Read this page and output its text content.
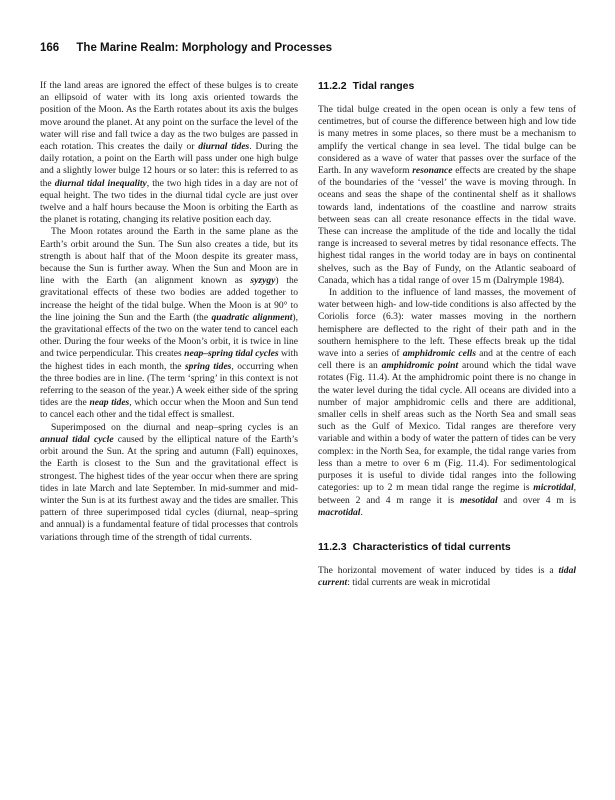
166 The Marine Realm: Morphology and Processes

If the land areas are ignored the effect of these bulges is to create an ellipsoid of water with its long axis oriented towards the position of the Moon. As the Earth rotates about its axis the bulges move around the planet. At any point on the surface the level of the water will rise and fall twice a day as the two bulges are passed in each rotation. This creates the daily or diurnal tides. During the daily rotation, a point on the Earth will pass under one high bulge and a slightly lower bulge 12 hours or so later: this is referred to as the diurnal tidal inequality, the two high tides in a day are not of equal height. The two tides in the diurnal tidal cycle are just over twelve and a half hours because the Moon is orbiting the Earth as the planet is rotating, changing its relative position each day.

The Moon rotates around the Earth in the same plane as the Earth’s orbit around the Sun. The Sun also creates a tide, but its strength is about half that of the Moon despite its greater mass, because the Sun is further away. When the Sun and Moon are in line with the Earth (an alignment known as syzygy) the gravitational effects of these two bodies are added together to increase the height of the tidal bulge. When the Moon is at 90° to the line joining the Sun and the Earth (the quadratic alignment), the gravitational effects of the two on the water tend to cancel each other. During the four weeks of the Moon’s orbit, it is twice in line and twice perpendicular. This creates neap–spring tidal cycles with the highest tides in each month, the spring tides, occurring when the three bodies are in line. (The term ‘spring’ in this context is not referring to the season of the year.) A week either side of the spring tides are the neap tides, which occur when the Moon and Sun tend to cancel each other and the tidal effect is smallest.

Superimposed on the diurnal and neap–spring cycles is an annual tidal cycle caused by the elliptical nature of the Earth’s orbit around the Sun. At the spring and autumn (Fall) equinoxes, the Earth is closest to the Sun and the gravitational effect is strongest. The highest tides of the year occur when there are spring tides in late March and late September. In mid-summer and mid-winter the Sun is at its furthest away and the tides are smaller. This pattern of three superimposed tidal cycles (diurnal, neap–spring and annual) is a fundamental feature of tidal processes that controls variations through time of the strength of tidal currents.

11.2.2 Tidal ranges

The tidal bulge created in the open ocean is only a few tens of centimetres, but of course the difference between high and low tide is many metres in some places, so there must be a mechanism to amplify the vertical change in sea level. The tidal bulge can be considered as a wave of water that passes over the surface of the Earth. In any waveform resonance effects are created by the shape of the boundaries of the ‘vessel’ the wave is moving through. In oceans and seas the shape of the continental shelf as it shallows towards land, indentations of the coastline and narrow straits between seas can all create resonance effects in the tidal wave. These can increase the amplitude of the tide and locally the tidal range is increased to several metres by tidal resonance effects. The highest tidal ranges in the world today are in bays on continental shelves, such as the Bay of Fundy, on the Atlantic seaboard of Canada, which has a tidal range of over 15 m (Dalrymple 1984).

In addition to the influence of land masses, the movement of water between high- and low-tide conditions is also affected by the Coriolis force (6.3): water masses moving in the northern hemisphere are deflected to the right of their path and in the southern hemisphere to the left. These effects break up the tidal wave into a series of amphidromic cells and at the centre of each cell there is an amphidromic point around which the tidal wave rotates (Fig. 11.4). At the amphidromic point there is no change in the water level during the tidal cycle. All oceans are divided into a number of major amphidromic cells and there are additional, smaller cells in shelf areas such as the North Sea and small seas such as the Gulf of Mexico. Tidal ranges are therefore very variable and within a body of water the pattern of tides can be very complex: in the North Sea, for example, the tidal range varies from less than a metre to over 6 m (Fig. 11.4). For sedimentological purposes it is useful to divide tidal ranges into the following categories: up to 2 m mean tidal range the regime is microtidal, between 2 and 4 m range it is mesotidal and over 4 m is macrotidal.

11.2.3 Characteristics of tidal currents

The horizontal movement of water induced by tides is a tidal current: tidal currents are weak in microtidal
